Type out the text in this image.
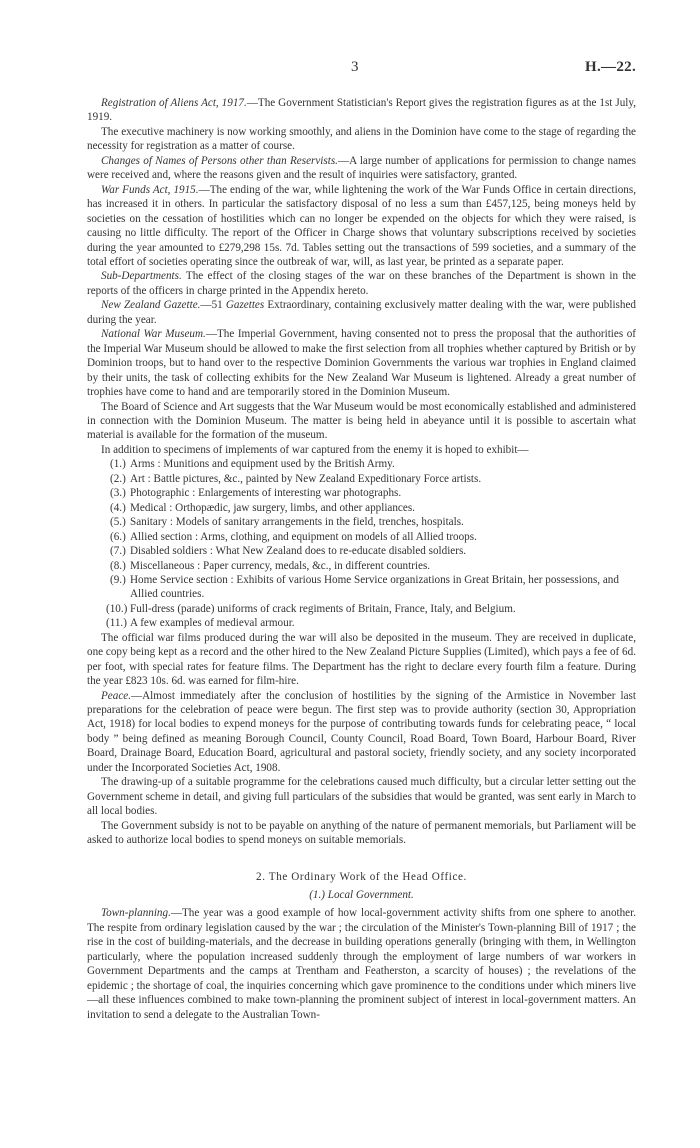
3	H.—22.

Registration of Aliens Act, 1917.—The Government Statistician's Report gives the registration figures as at the 1st July, 1919.

The executive machinery is now working smoothly, and aliens in the Dominion have come to the stage of regarding the necessity for registration as a matter of course.

Changes of Names of Persons other than Reservists.—A large number of applications for permission to change names were received and, where the reasons given and the result of inquiries were satisfactory, granted.

War Funds Act, 1915.—The ending of the war, while lightening the work of the War Funds Office in certain directions, has increased it in others. In particular the satisfactory disposal of no less a sum than £457,125, being moneys held by societies on the cessation of hostilities which can no longer be expended on the objects for which they were raised, is causing no little difficulty. The report of the Officer in Charge shows that voluntary subscriptions received by societies during the year amounted to £279,298 15s. 7d. Tables setting out the transactions of 599 societies, and a summary of the total effort of societies operating since the outbreak of war, will, as last year, be printed as a separate paper.

Sub-Departments. The effect of the closing stages of the war on these branches of the Department is shown in the reports of the officers in charge printed in the Appendix hereto.

New Zealand Gazette.—51 Gazettes Extraordinary, containing exclusively matter dealing with the war, were published during the year.

National War Museum.—The Imperial Government, having consented not to press the proposal that the authorities of the Imperial War Museum should be allowed to make the first selection from all trophies whether captured by British or by Dominion troops, but to hand over to the respective Dominion Governments the various war trophies in England claimed by their units, the task of collecting exhibits for the New Zealand War Museum is lightened. Already a great number of trophies have come to hand and are temporarily stored in the Dominion Museum.

The Board of Science and Art suggests that the War Museum would be most economically established and administered in connection with the Dominion Museum. The matter is being held in abeyance until it is possible to ascertain what material is available for the formation of the museum.

In addition to specimens of implements of war captured from the enemy it is hoped to exhibit—

(1.) Arms : Munitions and equipment used by the British Army.
(2.) Art : Battle pictures, &c., painted by New Zealand Expeditionary Force artists.
(3.) Photographic : Enlargements of interesting war photographs.
(4.) Medical : Orthopædic, jaw surgery, limbs, and other appliances.
(5.) Sanitary : Models of sanitary arrangements in the field, trenches, hospitals.
(6.) Allied section : Arms, clothing, and equipment on models of all Allied troops.
(7.) Disabled soldiers : What New Zealand does to re-educate disabled soldiers.
(8.) Miscellaneous : Paper currency, medals, &c., in different countries.
(9.) Home Service section : Exhibits of various Home Service organizations in Great Britain, her possessions, and Allied countries.
(10.) Full-dress (parade) uniforms of crack regiments of Britain, France, Italy, and Belgium.
(11.) A few examples of medieval armour.

The official war films produced during the war will also be deposited in the museum. They are received in duplicate, one copy being kept as a record and the other hired to the New Zealand Picture Supplies (Limited), which pays a fee of 6d. per foot, with special rates for feature films. The Department has the right to declare every fourth film a feature. During the year £823 10s. 6d. was earned for film-hire.

Peace.—Almost immediately after the conclusion of hostilities by the signing of the Armistice in November last preparations for the celebration of peace were begun. The first step was to provide authority (section 30, Appropriation Act, 1918) for local bodies to expend moneys for the purpose of contributing towards funds for celebrating peace, “ local body ” being defined as meaning Borough Council, County Council, Road Board, Town Board, Harbour Board, River Board, Drainage Board, Education Board, agricultural and pastoral society, friendly society, and any society incorporated under the Incorporated Societies Act, 1908.

The drawing-up of a suitable programme for the celebrations caused much difficulty, but a circular letter setting out the Government scheme in detail, and giving full particulars of the subsidies that would be granted, was sent early in March to all local bodies.

The Government subsidy is not to be payable on anything of the nature of permanent memorials, but Parliament will be asked to authorize local bodies to spend moneys on suitable memorials.

2. The Ordinary Work of the Head Office.
(1.) Local Government.

Town-planning.—The year was a good example of how local-government activity shifts from one sphere to another. The respite from ordinary legislation caused by the war ; the circulation of the Minister's Town-planning Bill of 1917 ; the rise in the cost of building-materials, and the decrease in building operations generally (bringing with them, in Wellington particularly, where the population increased suddenly through the employment of large numbers of war workers in Government Departments and the camps at Trentham and Featherston, a scarcity of houses) ; the revelations of the epidemic ; the shortage of coal, the inquiries concerning which gave prominence to the conditions under which miners live—all these influences combined to make town-planning the prominent subject of interest in local-government matters. An invitation to send a delegate to the Australian Town-
